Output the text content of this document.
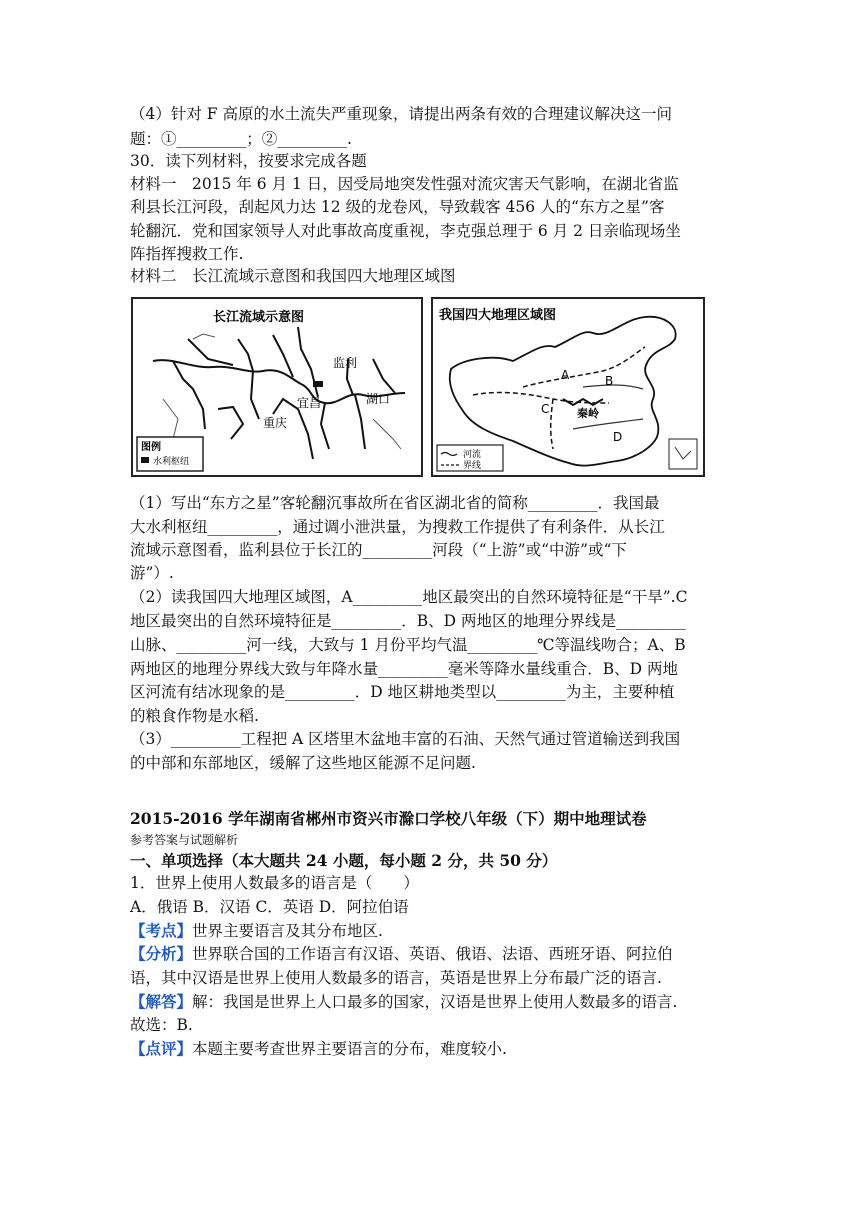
（4）针对 F 高原的水土流失严重现象，请提出两条有效的合理建议解决这一问
题：①_________；②_________.
30．读下列材料，按要求完成各题
材料一　2015 年 6 月 1 日，因受局地突发性强对流灾害天气影响，在湖北省监
利县长江河段，刮起风力达 12 级的龙卷风，导致载客 456 人的“东方之星”客
轮翻沉．党和国家领导人对此事故高度重视，李克强总理于 6 月 2 日亲临现场坐
阵指挥搜救工作.
材料二　长江流域示意图和我国四大地理区域图
长江流域示意图
监利
宜昌	湖口
重庆
图例
水利枢纽
我国四大地理区域图
A	B
C
D
秦岭
河流
界线
（1）写出“东方之星”客轮翻沉事故所在省区湖北省的简称_________．我国最
大水利枢纽_________，通过调小泄洪量，为搜救工作提供了有利条件．从长江
流域示意图看，监利县位于长江的_________河段（“上游”或“中游”或“下
游”）.
（2）读我国四大地理区域图，A_________地区最突出的自然环境特征是“干旱”.C
地区最突出的自然环境特征是_________．B、D 两地区的地理分界线是_________
山脉、_________河一线，大致与 1 月份平均气温_________℃等温线吻合；A、B
两地区的地理分界线大致与年降水量_________毫米等降水量线重合．B、D 两地
区河流有结冰现象的是_________．D 地区耕地类型以_________为主，主要种植
的粮食作物是水稻.
（3）_________工程把 A 区塔里木盆地丰富的石油、天然气通过管道输送到我国
的中部和东部地区，缓解了这些地区能源不足问题.
2015-2016 学年湖南省郴州市资兴市滁口学校八年级（下）期中地理试卷
参考答案与试题解析
一、单项选择（本大题共 24 小题，每小题 2 分，共 50 分）
1．世界上使用人数最多的语言是（　　）
A．俄语 B．汉语 C．英语 D．阿拉伯语
【考点】世界主要语言及其分布地区.
【分析】世界联合国的工作语言有汉语、英语、俄语、法语、西班牙语、阿拉伯
语，其中汉语是世界上使用人数最多的语言，英语是世界上分布最广泛的语言.
【解答】解：我国是世界上人口最多的国家，汉语是世界上使用人数最多的语言.
故选：B.
【点评】本题主要考查世界主要语言的分布，难度较小.
